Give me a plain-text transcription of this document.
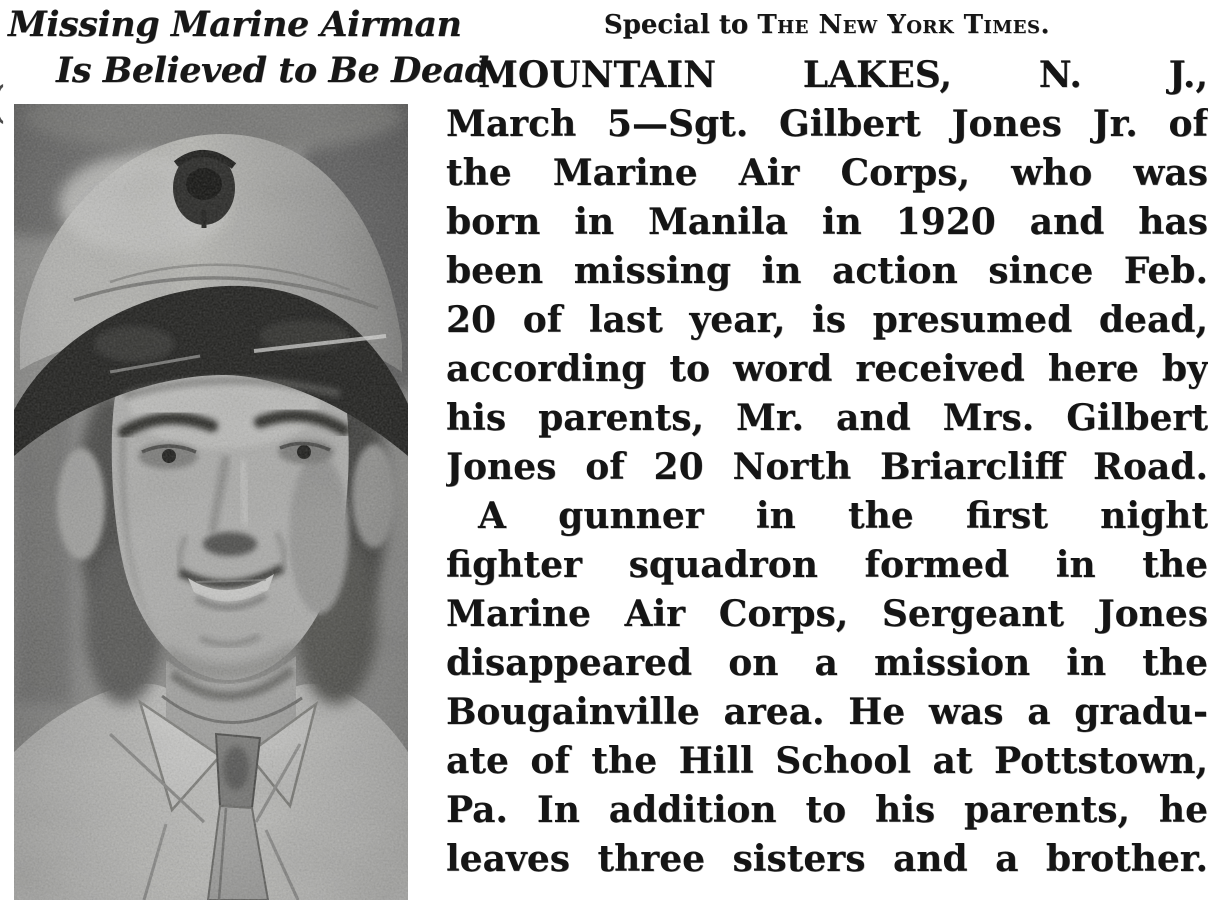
Missing Marine Airman
Is Believed to Be Dead
Special to The New York Times.
MOUNTAIN LAKES, N. J.,
March 5—Sgt. Gilbert Jones Jr. of
the Marine Air Corps, who was
born in Manila in 1920 and has
been missing in action since Feb.
20 of last year, is presumed dead,
according to word received here by
his parents, Mr. and Mrs. Gilbert
Jones of 20 North Briarcliff Road.
A gunner in the first night
fighter squadron formed in the
Marine Air Corps, Sergeant Jones
disappeared on a mission in the
Bougainville area. He was a gradu-
ate of the Hill School at Pottstown,
Pa. In addition to his parents, he
leaves three sisters and a brother.
